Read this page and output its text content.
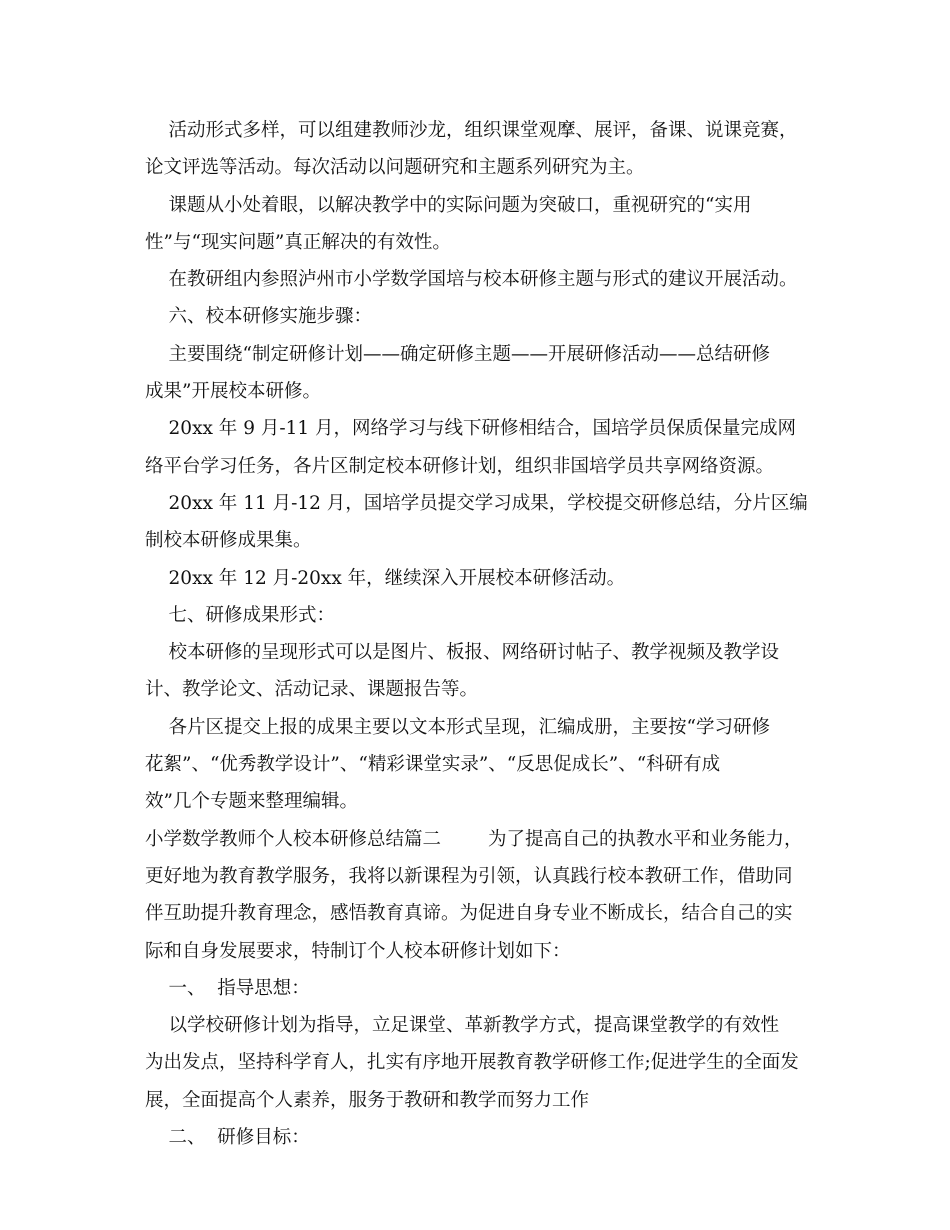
活动形式多样，可以组建教师沙龙，组织课堂观摩、展评，备课、说课竞赛，
论文评选等活动。每次活动以问题研究和主题系列研究为主。
课题从小处着眼，以解决教学中的实际问题为突破口，重视研究的“实用
性”与“现实问题”真正解决的有效性。
在教研组内参照泸州市小学数学国培与校本研修主题与形式的建议开展活动。
六、校本研修实施步骤：
主要围绕“制定研修计划——确定研修主题——开展研修活动——总结研修
成果”开展校本研修。
20xx 年 9 月-11 月，网络学习与线下研修相结合，国培学员保质保量完成网
络平台学习任务，各片区制定校本研修计划，组织非国培学员共享网络资源。
20xx 年 11 月-12 月，国培学员提交学习成果，学校提交研修总结，分片区编
制校本研修成果集。
20xx 年 12 月-20xx 年，继续深入开展校本研修活动。
七、研修成果形式：
校本研修的呈现形式可以是图片、板报、网络研讨帖子、教学视频及教学设
计、教学论文、活动记录、课题报告等。
各片区提交上报的成果主要以文本形式呈现，汇编成册，主要按“学习研修
花絮”、“优秀教学设计”、“精彩课堂实录”、“反思促成长”、“科研有成
效”几个专题来整理编辑。
小学数学教师个人校本研修总结篇二        为了提高自己的执教水平和业务能力，
更好地为教育教学服务，我将以新课程为引领，认真践行校本教研工作，借助同
伴互助提升教育理念，感悟教育真谛。为促进自身专业不断成长，结合自己的实
际和自身发展要求，特制订个人校本研修计划如下：
一、  指导思想：
以学校研修计划为指导，立足课堂、革新教学方式，提高课堂教学的有效性
为出发点，坚持科学育人，扎实有序地开展教育教学研修工作;促进学生的全面发
展，全面提高个人素养，服务于教研和教学而努力工作
二、  研修目标：
